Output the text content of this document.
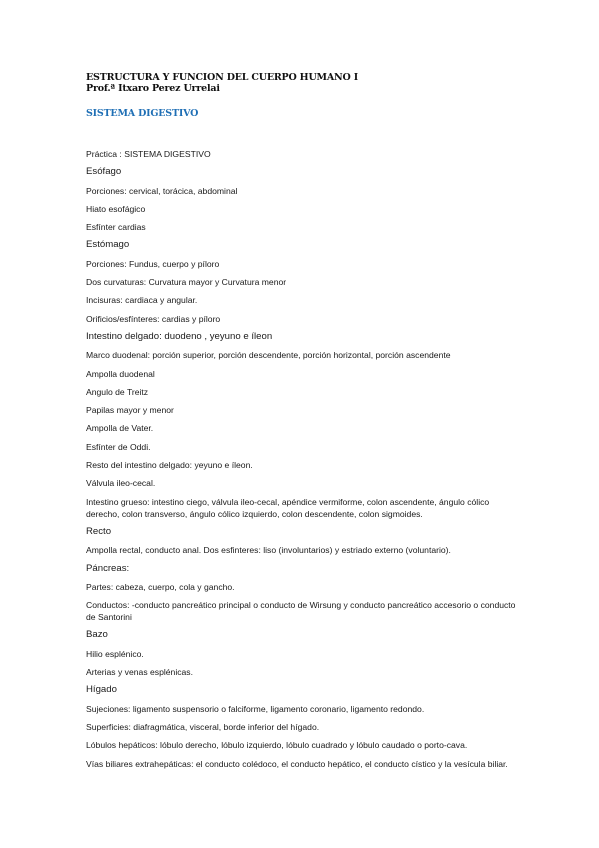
ESTRUCTURA Y FUNCION DEL CUERPO HUMANO I
Prof.ª Itxaro Perez Urrelai
SISTEMA DIGESTIVO
Práctica : SISTEMA DIGESTIVO
Esófago
Porciones: cervical, torácica, abdominal
Hiato esofágico
Esfínter cardias
Estómago
Porciones: Fundus, cuerpo y píloro
Dos curvaturas: Curvatura mayor y Curvatura menor
Incisuras: cardiaca y angular.
Orificios/esfínteres: cardias y píloro
Intestino delgado: duodeno , yeyuno e íleon
Marco duodenal: porción superior, porción descendente, porción horizontal, porción ascendente
Ampolla duodenal
Angulo de Treitz
Papilas mayor y menor
Ampolla de Vater.
Esfínter de Oddi.
Resto del intestino delgado: yeyuno e íleon.
Válvula ileo-cecal.
Intestino grueso: intestino ciego, válvula ileo-cecal, apéndice vermiforme, colon ascendente, ángulo cólico derecho, colon transverso, ángulo cólico izquierdo, colon descendente, colon sigmoides.
Recto
Ampolla rectal, conducto anal. Dos esfinteres: liso (involuntarios) y estriado externo (voluntario).
Páncreas:
Partes: cabeza, cuerpo, cola y gancho.
Conductos: -conducto pancreático principal o conducto de Wirsung y conducto pancreático accesorio o conducto de Santorini
Bazo
Hilio esplénico.
Arterias y venas esplénicas.
Hígado
Sujeciones: ligamento suspensorio o falciforme, ligamento coronario, ligamento redondo.
Superficies: diafragmática, visceral, borde inferior del hígado.
Lóbulos hepáticos: lóbulo derecho, lóbulo izquierdo, lóbulo cuadrado y lóbulo caudado o porto-cava.
Vías biliares extrahepáticas: el conducto colédoco, el conducto hepático, el conducto cístico y la vesícula biliar.
